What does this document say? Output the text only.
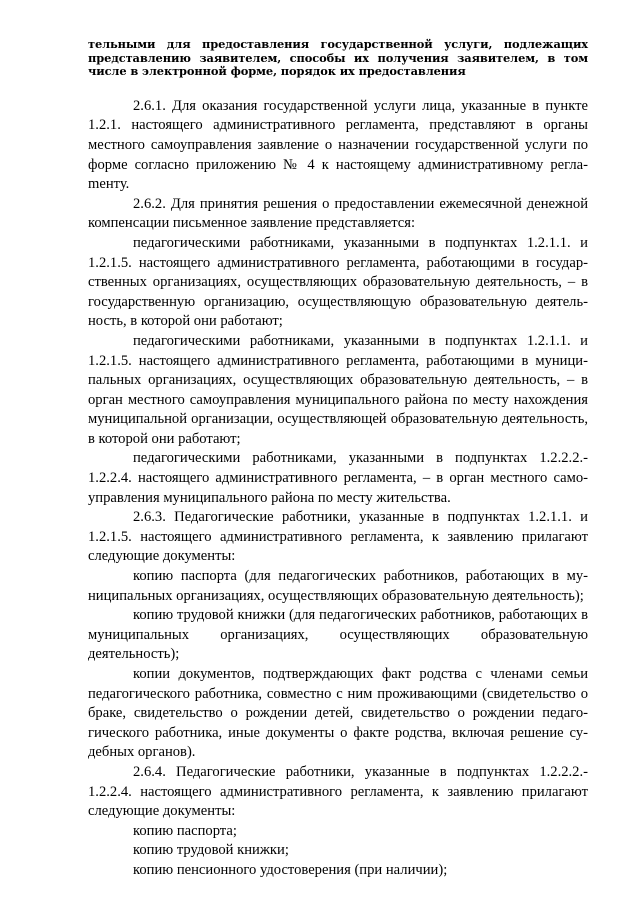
тельными для предоставления государственной услуги, подлежащих
представлению заявителем, способы их получения заявителем, в том
числе в электронной форме, порядок их предоставления

2.6.1. Для оказания государственной услуги лица, указанные в пункте 1.2.1. настоящего административного регламента, представляют в органы местного самоуправления заявление о назначении государственной услуги по форме согласно приложению № 4 к настоящему административному реглаmенту.

2.6.2. Для принятия решения о предоставлении ежемесячной денежной компенсации письменное заявление представляется:

педагогическими работниками, указанными в подпунктах 1.2.1.1. и 1.2.1.5. настоящего административного регламента, работающими в государственных организациях, осуществляющих образовательную деятельность, – в государственную организацию, осуществляющую образовательную деятельность, в которой они работают;

педагогическими работниками, указанными в подпунктах 1.2.1.1. и 1.2.1.5. настоящего административного регламента, работающими в муниципальных организациях, осуществляющих образовательную деятельность, – в орган местного самоуправления муниципального района по месту нахождения муниципальной организации, осуществляющей образовательную деятельность, в которой они работают;

педагогическими работниками, указанными в подпунктах 1.2.2.2.- 1.2.2.4. настоящего административного регламента, – в орган местного самоуправления муниципального района по месту жительства.

2.6.3. Педагогические работники, указанные в подпунктах 1.2.1.1. и 1.2.1.5. настоящего административного регламента, к заявлению прилагают следующие документы:

копию паспорта (для педагогических работников, работающих в муниципальных организациях, осуществляющих образовательную деятельность);

копию трудовой книжки (для педагогических работников, работающих в муниципальных организациях, осуществляющих образовательную деятельность);

копии документов, подтверждающих факт родства с членами семьи педагогического работника, совместно с ним проживающими (свидетельство о браке, свидетельство о рождении детей, свидетельство о рождении педагогического работника, иные документы о факте родства, включая решение судебных органов).

2.6.4. Педагогические работники, указанные в подпунктах 1.2.2.2.- 1.2.2.4. настоящего административного регламента, к заявлению прилагают следующие документы:

копию паспорта;

копию трудовой книжки;

копию пенсионного удостоверения (при наличии);
